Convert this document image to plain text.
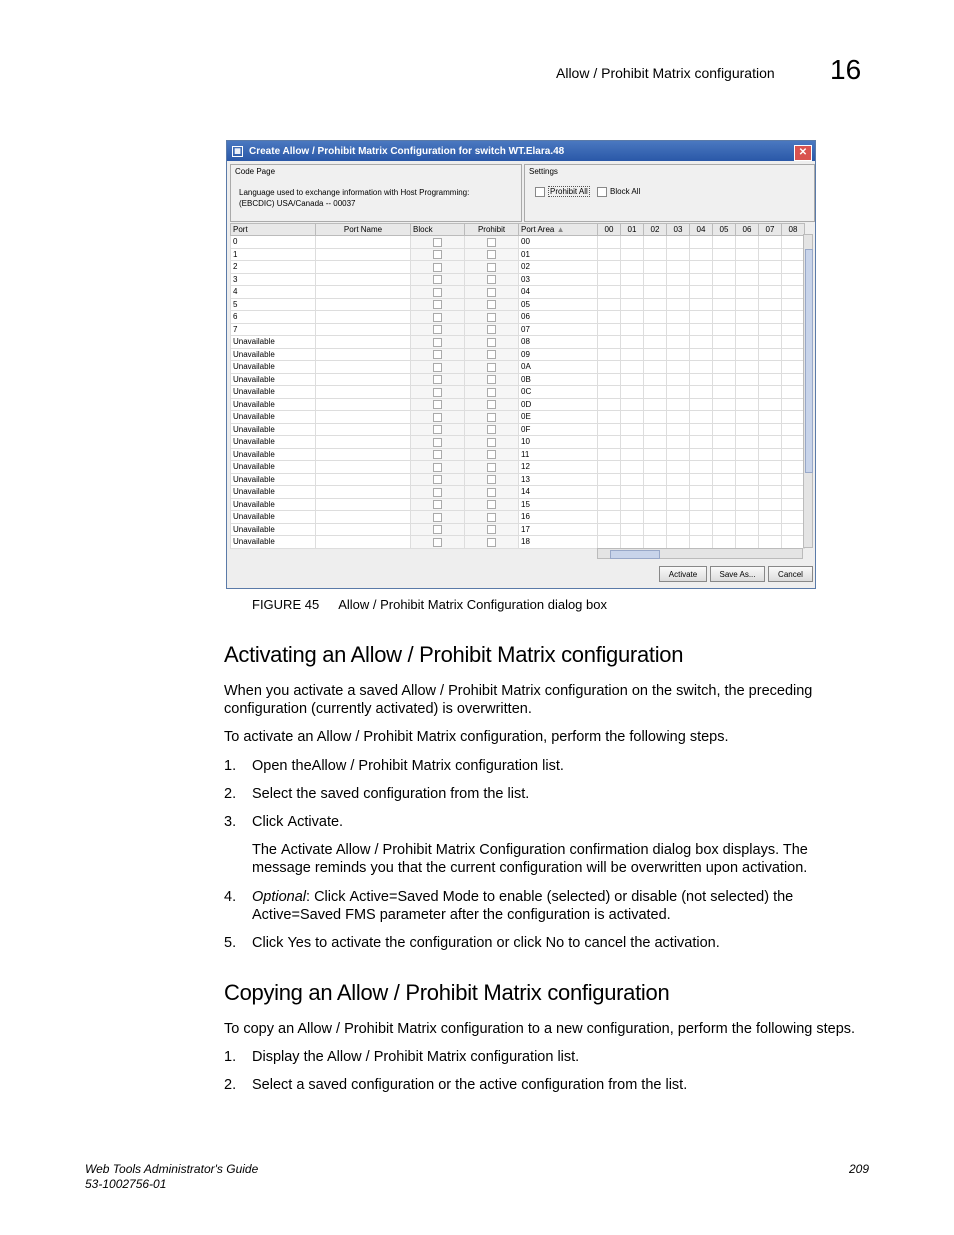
Allow / Prohibit Matrix configuration 16
▦ Create Allow / Prohibit Matrix Configuration for switch WT.Elara.48	✕
Code Page
Language used to exchange information with Host Programming:
(EBCDIC) USA/Canada -- 00037
Settings
Prohibit All	Block All
Port	Port Name	Block	Prohibit	Port Area ▲	00	01	02	03	04	05	06	07	08
0				00									
1				01									
2				02									
3				03									
4				04									
5				05									
6				06									
7				07									
Unavailable				08									
Unavailable				09									
Unavailable				0A									
Unavailable				0B									
Unavailable				0C									
Unavailable				0D									
Unavailable				0E									
Unavailable				0F									
Unavailable				10									
Unavailable				11									
Unavailable				12									
Unavailable				13									
Unavailable				14									
Unavailable				15									
Unavailable				16									
Unavailable				17									
Unavailable				18									
Activate	Save As...	Cancel
FIGURE 45 Allow / Prohibit Matrix Configuration dialog box
Activating an Allow / Prohibit Matrix configuration
When you activate a saved Allow / Prohibit Matrix configuration on the switch, the preceding configuration (currently activated) is overwritten.
To activate an Allow / Prohibit Matrix configuration, perform the following steps.
1. Open theAllow / Prohibit Matrix configuration list.
2. Select the saved configuration from the list.
3. Click Activate.
The Activate Allow / Prohibit Matrix Configuration confirmation dialog box displays. The message reminds you that the current configuration will be overwritten upon activation.
4. Optional: Click Active=Saved Mode to enable (selected) or disable (not selected) the Active=Saved FMS parameter after the configuration is activated.
5. Click Yes to activate the configuration or click No to cancel the activation.
Copying an Allow / Prohibit Matrix configuration
To copy an Allow / Prohibit Matrix configuration to a new configuration, perform the following steps.
1. Display the Allow / Prohibit Matrix configuration list.
2. Select a saved configuration or the active configuration from the list.
Web Tools Administrator's Guide
53-1002756-01
209
